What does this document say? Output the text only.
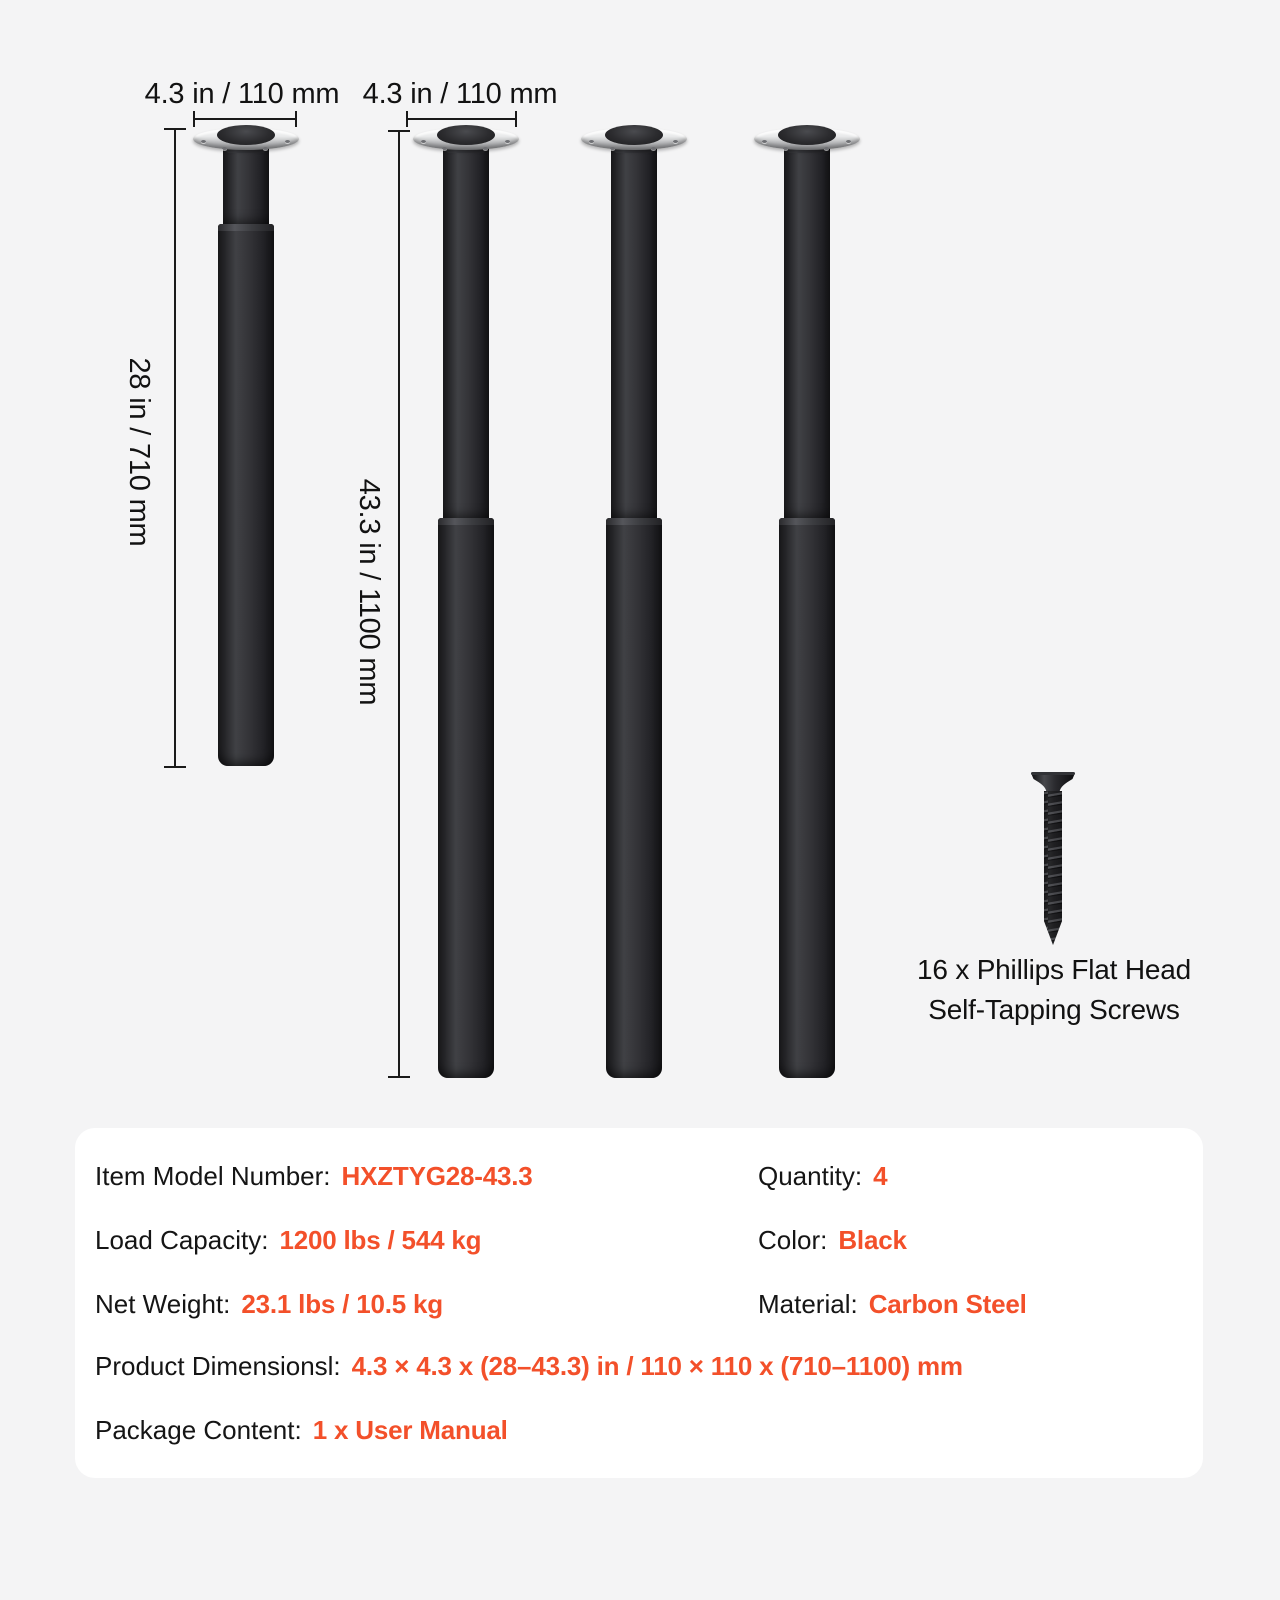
4.3 in / 110 mm 4.3 in / 110 mm
28 in / 710 mm
43.3 in / 1100 mm
16 x Phillips Flat Head
Self-Tapping Screws
Item Model Number: HXZTYG28-43.3
Load Capacity: 1200 lbs / 544 kg
Net Weight: 23.1 lbs / 10.5 kg
Product Dimensionsl: 4.3 × 4.3 x (28–43.3) in / 110 × 110 x (710–1100) mm
Package Content: 1 x User Manual
Quantity: 4
Color: Black
Material: Carbon Steel
